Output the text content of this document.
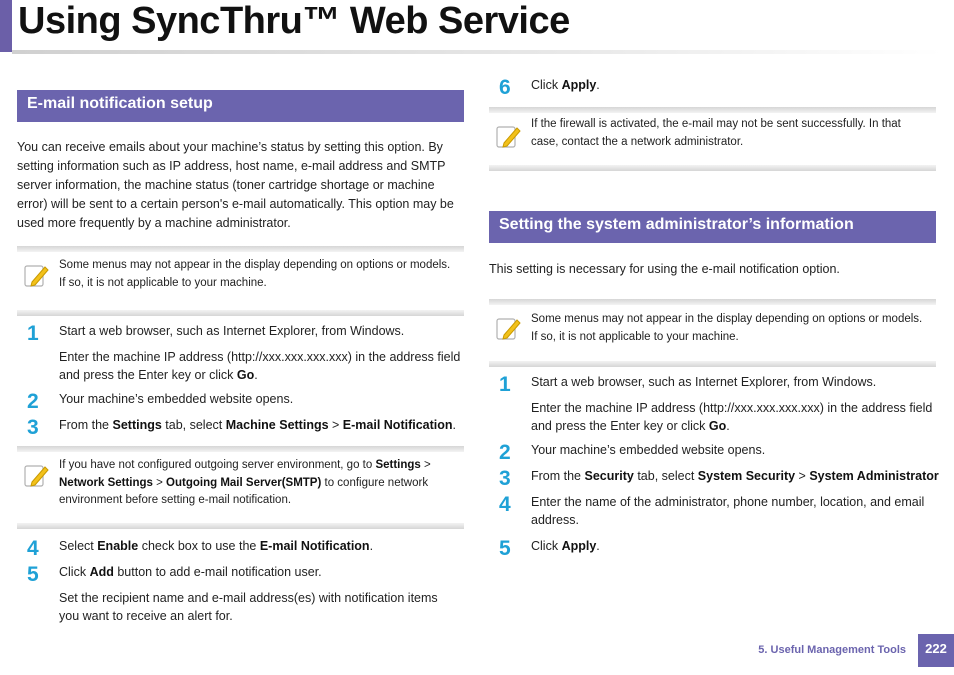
Using SyncThru™ Web Service
E-mail notification setup
You can receive emails about your machine’s status by setting this option. By setting information such as IP address, host name, e-mail address and SMTP server information, the machine status (toner cartridge shortage or machine error) will be sent to a certain person's e-mail automatically. This option may be used more frequently by a machine administrator.
Some menus may not appear in the display depending on options or models. If so, it is not applicable to your machine.
1 Start a web browser, such as Internet Explorer, from Windows.
Enter the machine IP address (http://xxx.xxx.xxx.xxx) in the address field and press the Enter key or click Go.
2 Your machine’s embedded website opens.
3 From the Settings tab, select Machine Settings > E-mail Notification.
If you have not configured outgoing server environment, go to Settings > Network Settings > Outgoing Mail Server(SMTP) to configure network environment before setting e-mail notification.
4 Select Enable check box to use the E-mail Notification.
5 Click Add button to add e-mail notification user.
Set the recipient name and e-mail address(es) with notification items you want to receive an alert for.
6 Click Apply.
If the firewall is activated, the e-mail may not be sent successfully. In that case, contact the a network administrator.
Setting the system administrator’s information
This setting is necessary for using the e-mail notification option.
Some menus may not appear in the display depending on options or models. If so, it is not applicable to your machine.
1 Start a web browser, such as Internet Explorer, from Windows.
Enter the machine IP address (http://xxx.xxx.xxx.xxx) in the address field and press the Enter key or click Go.
2 Your machine’s embedded website opens.
3 From the Security tab, select System Security > System Administrator
4 Enter the name of the administrator, phone number, location, and email address.
5 Click Apply.
5. Useful Management Tools	222
